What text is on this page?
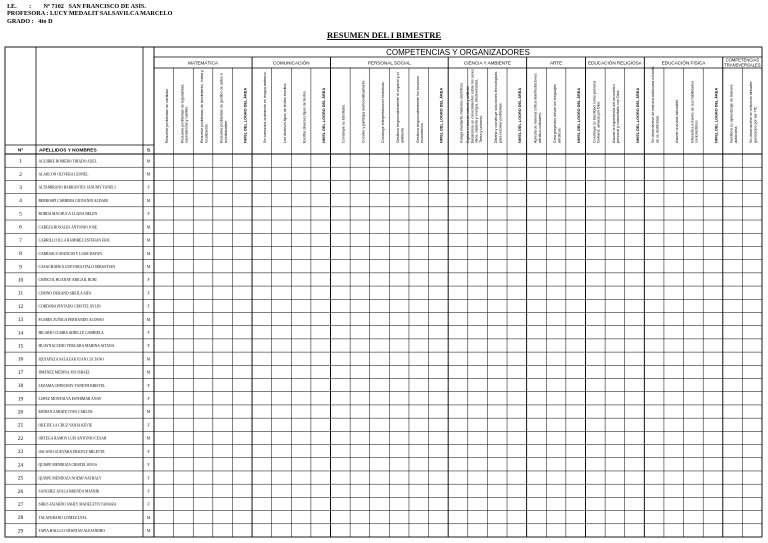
I.E. : Nº 7102   SAN FRANCISCO DE ASIS.
PROFESORA : LUCY MEDALIT SALSAVILCA MARCELO
GRADO :   4to D
RESUMEN DEL I BIMESTRE
COMPETENCIAS Y ORGANIZADORES
MATEMÁTICA	COMUNICACIÓN	PERSONAL SOCIAL	CIENCIA Y AMBIENTE	ARTE	EDUCACIÓN RELIGIOSA	EDUCACIÓN FÍSICA
COMPETENCIAS
TRANSVERSALES
Resuelve problemas de cantidad.	Resuelve problemas de regularidad, equivalencia y cambio.	Resuelve problemas de movimiento, forma y localización.	Resuelve problemas de gestión de datos e incertidumbre	NIVEL DEL LOGRO DEL ÁREA	Se comunica oralmente en lengua materna.	Lee diversos tipos de textos escritos.	Escribe diversos tipos de textos.	NIVEL DEL LOGRO DEL ÁREA	Construye su identidad.	Convive y participa democráticamente.	Construye interpretaciones históricas.	Gestiona responsablemente el espacio y el ambiente.	Gestiona responsablemente los recursos económicos.	NIVEL DEL LOGRO DEL ÁREA	Indaga mediante métodos científicos. Explica el mundo natural y artificial basándose en conocimientos sobre los seres vivos, materia y energía, biodiversidad, Tierra y universo.	Diseña y construye soluciones tecnológicas para resolver problemas.	NIVEL DEL LOGRO DEL ÁREA	Aprecia de manera crítica manifestaciones artístico-culturales.	Crea proyectos desde los lenguajes artísticos.	NIVEL DEL LOGRO DEL ÁREA	Construye su identidad como persona humana, amada por Dios.	Asume la experiencia del encuentro personal y comunitario con Dios.	NIVEL DEL LOGRO DEL ÁREA	Se desenvuelve de manera autónoma a través de su motricidad.	Asume una vida saludable.	Interactúa a través de sus habilidades sociomotrices.	NIVEL DEL LOGRO DEL ÁREA	Gestiona su aprendizaje de manera autónoma.	Se desenvuelve en entornos virtuales generados por las TIC.
Nº	APELLIDOS Y NOMBRES	S
1	AGUIRRE ROMERO TIRADO AXEL	M
2	ALARCON OLIVERA LEONEL	M
3	ALTAMIRANO BARRANTES JANUMY YANELI	F
4	BERROSPI CABRERA GIOVANNI ALDAIR	M
5	BORDA MACHUCA LUANA BELEN	F
6	CABEZA ROSALES ANTONIO JOSE	M
7	CARRILLO ILLA RAMIREZ ESTEBAN ERIC	M
8	CARRASCO MANCISI Y LIAM DAYAN	M
9	CASACHAHUA GUEVARA ITALO SEBASTIAN	M
10	CHINCOL HUANAY ABIGAIL RUBI	F
11	CIMINO DURAND SHEILA SIFA	F
12	CORDOBA PINTADO CRISTEL AYLIN	F
13	FLORES ZUÑIGA FERNANDO ALONSO	M
14	HILARIO CUSIBA ADIELLE GABRIELA	F
15	HUAYNACCHIO VERGARA MARINA AITANA	F
16	IQUIAPAZA SALAZAR JUAN LUCIANO	M
17	JIMENEZ MEDINA JOS ISRAEL	M
18	LEZAMA CHINCHAY YANETH KRISTEL	F
19	LOPEZ MONTALVA ESTHIMAR ANAY	F
20	MORAN ZARATE IVAN CARLOS	M
21	ORE DE LA CRUZ VANIA KEVIE	F
22	ORTEGA RAMOS LUIS ANTONIO CESAR	M
23	OSCANO GUEVARA ERICELY MILETTE	F
24	QUISPE MENDOZA CRISTEL ROUS	F
25	QUISPE MENDOZA NOEMI NATHALY	F
26	SANCHEZ AYALA BRENDA MAYRIK	F
27	SIRES FAJARDO ASHLY MADELEYN TAMARA	F
28	TALAVERANO GOMEZ LYAL	M
29	TAPIA HALLCO CRISTIAN ALEJANDRO	M
